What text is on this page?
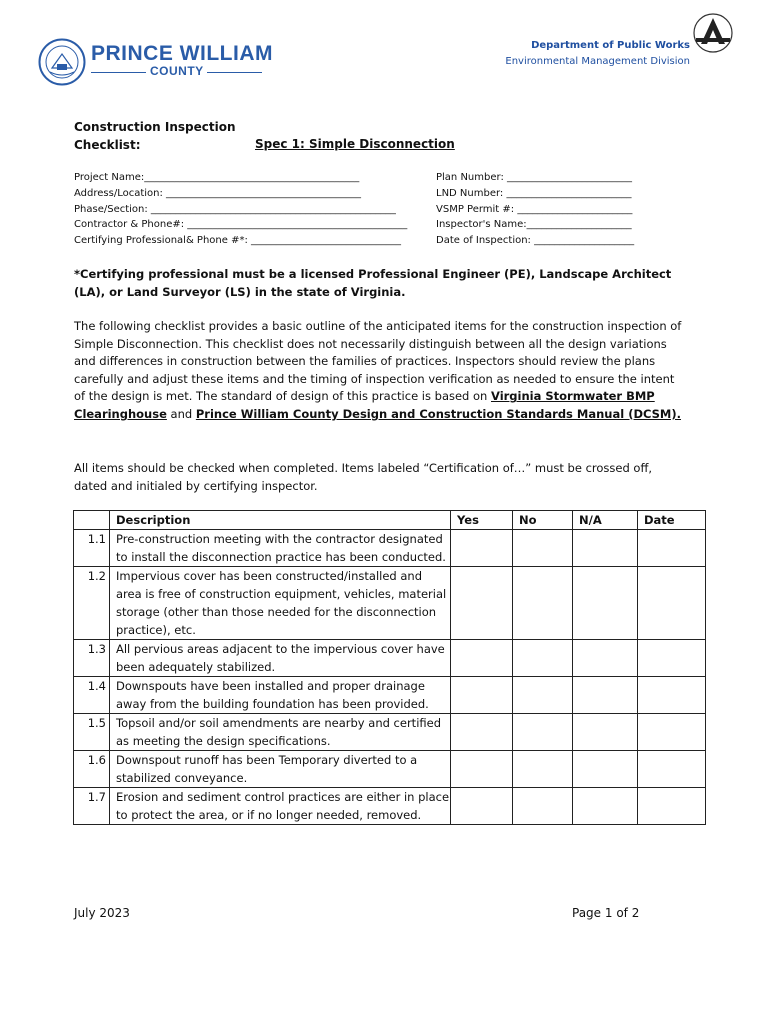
PRINCE WILLIAM
COUNTY
Department of Public Works
Environmental Management Division
Construction Inspection
Checklist:	Spec 1: Simple Disconnection
Project Name:___________________________________________
Address/Location: _______________________________________
Phase/Section: _________________________________________________
Contractor & Phone#: ____________________________________________
Certifying Professional& Phone #*: ______________________________
Plan Number: _________________________
LND Number: _________________________
VSMP Permit #: _______________________
Inspector's Name:_____________________
Date of Inspection: ____________________
*Certifying professional must be a licensed Professional Engineer (PE), Landscape Architect (LA), or Land Surveyor (LS) in the state of Virginia.
The following checklist provides a basic outline of the anticipated items for the construction inspection of Simple Disconnection. This checklist does not necessarily distinguish between all the design variations and differences in construction between the families of practices. Inspectors should review the plans carefully and adjust these items and the timing of inspection verification as needed to ensure the intent of the design is met. The standard of design of this practice is based on Virginia Stormwater BMP Clearinghouse and Prince William County Design and Construction Standards Manual (DCSM).
All items should be checked when completed. Items labeled “Certification of…” must be crossed off, dated and initialed by certifying inspector.
	Description	Yes	No	N/A	Date
1.1	Pre-construction meeting with the contractor designated to install the disconnection practice has been conducted.				
1.2	Impervious cover has been constructed/installed and area is free of construction equipment, vehicles, material storage (other than those needed for the disconnection practice), etc.				
1.3	All pervious areas adjacent to the impervious cover have been adequately stabilized.				
1.4	Downspouts have been installed and proper drainage away from the building foundation has been provided.				
1.5	Topsoil and/or soil amendments are nearby and certified as meeting the design specifications.				
1.6	Downspout runoff has been Temporary diverted to a stabilized conveyance.				
1.7	Erosion and sediment control practices are either in place to protect the area, or if no longer needed, removed.				
July 2023	Page 1 of 2
